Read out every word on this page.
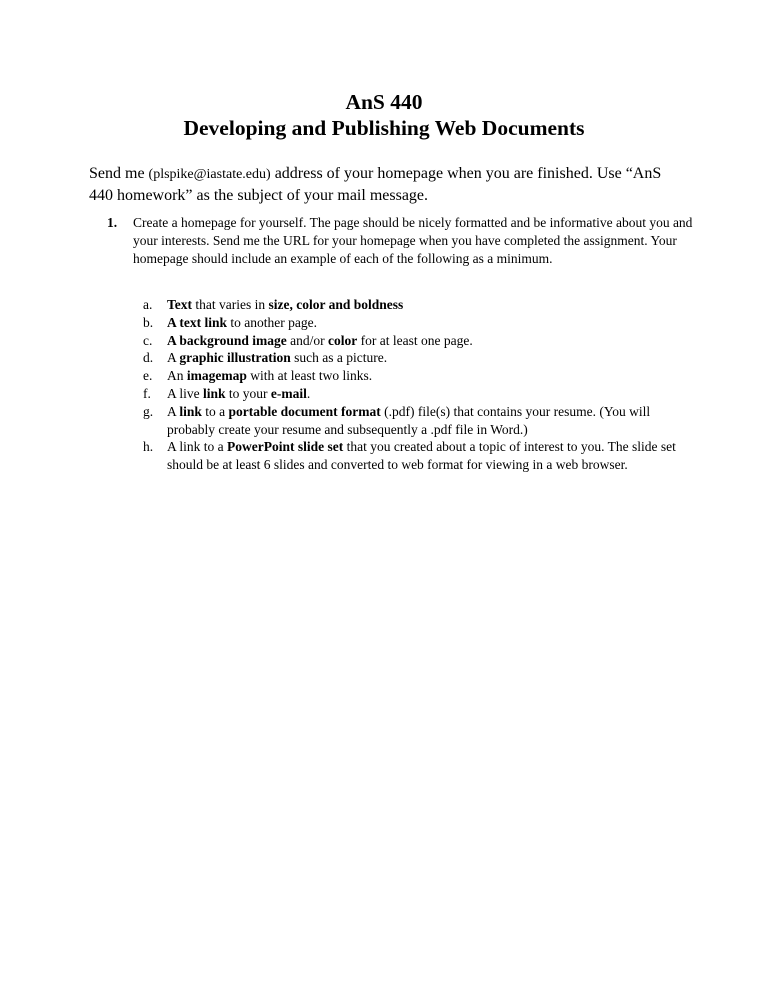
AnS 440
Developing and Publishing Web Documents

Send me (plspike@iastate.edu) address of your homepage when you are finished. Use “AnS 440 homework” as the subject of your mail message.

1. Create a homepage for yourself. The page should be nicely formatted and be informative about you and your interests. Send me the URL for your homepage when you have completed the assignment. Your homepage should include an example of each of the following as a minimum.

a. Text that varies in size, color and boldness
b. A text link to another page.
c. A background image and/or color for at least one page.
d. A graphic illustration such as a picture.
e. An imagemap with at least two links.
f. A live link to your e-mail.
g. A link to a portable document format (.pdf) file(s) that contains your resume. (You will probably create your resume and subsequently a .pdf file in Word.)
h. A link to a PowerPoint slide set that you created about a topic of interest to you. The slide set should be at least 6 slides and converted to web format for viewing in a web browser.
